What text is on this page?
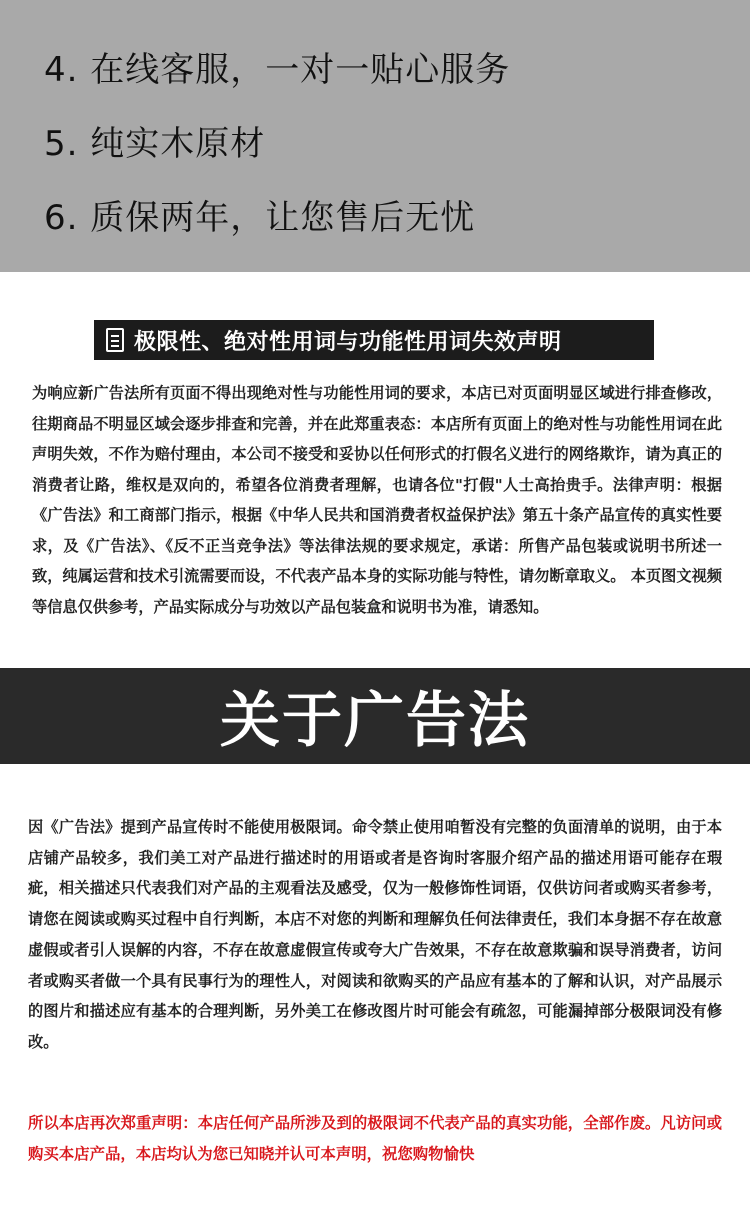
4. 在线客服，一对一贴心服务
5. 纯实木原材
6. 质保两年，让您售后无忧
极限性、绝对性用词与功能性用词失效声明

为响应新广告法所有页面不得出现绝对性与功能性用词的要求，本店已对页面明显区域进行排查修改，往期商品不明显区域会逐步排查和完善，并在此郑重表态：本店所有页面上的绝对性与功能性用词在此声明失效，不作为赔付理由，本公司不接受和妥协以任何形式的打假名义进行的网络欺诈，请为真正的消费者让路，维权是双向的，希望各位消费者理解，也请各位"打假"人士高抬贵手。法律声明：根据《广告法》和工商部门指示，根据《中华人民共和国消费者权益保护法》第五十条产品宣传的真实性要求，及《广告法》、《反不正当竞争法》等法律法规的要求规定，承诺：所售产品包装或说明书所述一致，纯属运营和技术引流需要而设，不代表产品本身的实际功能与特性，请勿断章取义。 本页图文视频等信息仅供参考，产品实际成分与功效以产品包装盒和说明书为准，请悉知。

关于广告法

因《广告法》提到产品宣传时不能使用极限词。命令禁止使用咱暂没有完整的负面清单的说明，由于本店铺产品较多，我们美工对产品进行描述时的用语或者是咨询时客服介绍产品的描述用语可能存在瑕疵，相关描述只代表我们对产品的主观看法及感受，仅为一般修饰性词语，仅供访问者或购买者参考，请您在阅读或购买过程中自行判断，本店不对您的判断和理解负任何法律责任，我们本身据不存在故意虚假或者引人误解的内容，不存在故意虚假宣传或夸大广告效果，不存在故意欺骗和误导消费者，访问者或购买者做一个具有民事行为的理性人，对阅读和欲购买的产品应有基本的了解和认识，对产品展示的图片和描述应有基本的合理判断，另外美工在修改图片时可能会有疏忽，可能漏掉部分极限词没有修改。

所以本店再次郑重声明：本店任何产品所涉及到的极限词不代表产品的真实功能，全部作废。凡访问或购买本店产品，本店均认为您已知晓并认可本声明，祝您购物愉快
